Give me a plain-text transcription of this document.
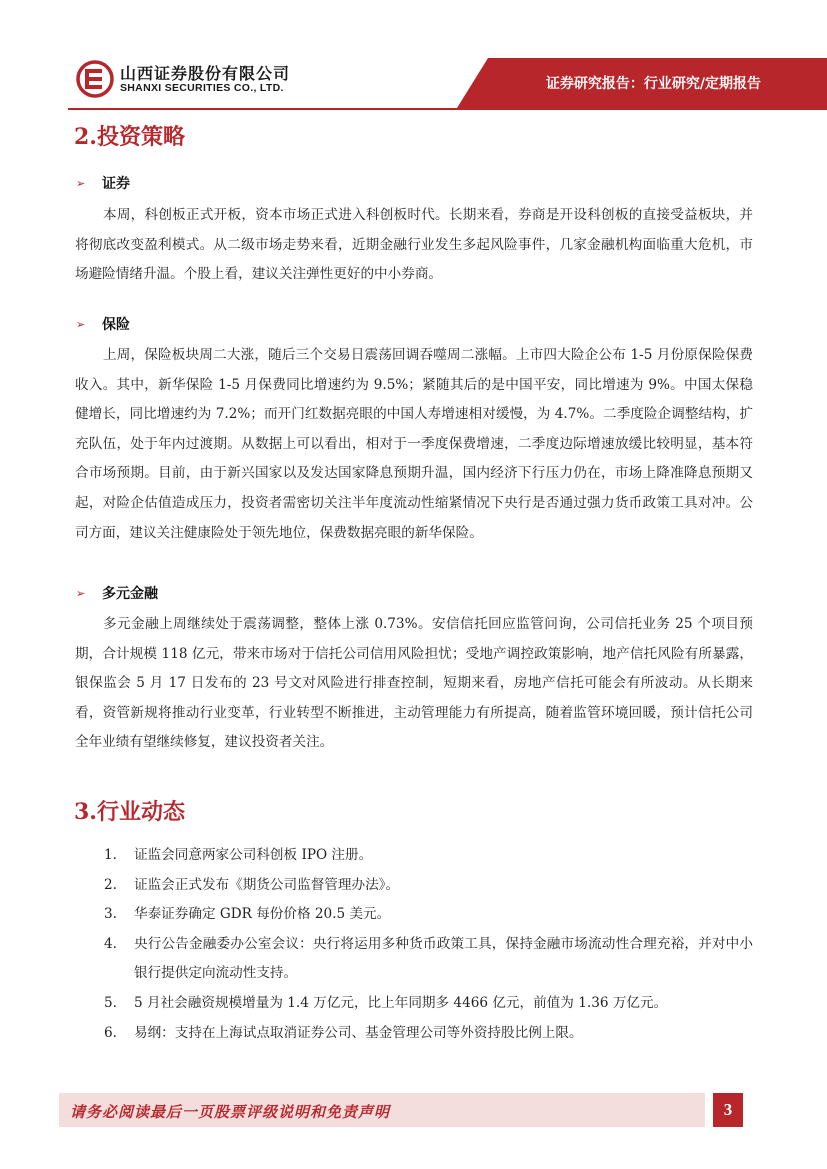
山西证券股份有限公司
SHANXI SECURITIES CO., LTD.	证券研究报告：行业研究/定期报告
2.投资策略
➢	证券

本周，科创板正式开板，资本市场正式进入科创板时代。长期来看，券商是开设科创板的直接受益板块，并将彻底改变盈利模式。从二级市场走势来看，近期金融行业发生多起风险事件，几家金融机构面临重大危机，市场避险情绪升温。个股上看，建议关注弹性更好的中小券商。

➢	保险

上周，保险板块周二大涨，随后三个交易日震荡回调吞噬周二涨幅。上市四大险企公布 1-5 月份原保险保费收入。其中，新华保险 1-5 月保费同比增速约为 9.5%；紧随其后的是中国平安，同比增速为 9%。中国太保稳健增长，同比增速约为 7.2%；而开门红数据亮眼的中国人寿增速相对缓慢，为 4.7%。二季度险企调整结构，扩充队伍，处于年内过渡期。从数据上可以看出，相对于一季度保费增速，二季度边际增速放缓比较明显，基本符合市场预期。目前，由于新兴国家以及发达国家降息预期升温，国内经济下行压力仍在，市场上降准降息预期又起，对险企估值造成压力，投资者需密切关注半年度流动性缩紧情况下央行是否通过强力货币政策工具对冲。公司方面，建议关注健康险处于领先地位，保费数据亮眼的新华保险。

➢	多元金融

多元金融上周继续处于震荡调整，整体上涨 0.73%。安信信托回应监管问询，公司信托业务 25 个项目预期，合计规模 118 亿元，带来市场对于信托公司信用风险担忧；受地产调控政策影响，地产信托风险有所暴露，银保监会 5 月 17 日发布的 23 号文对风险进行排查控制，短期来看，房地产信托可能会有所波动。从长期来看，资管新规将推动行业变革，行业转型不断推进，主动管理能力有所提高，随着监管环境回暖，预计信托公司全年业绩有望继续修复，建议投资者关注。

3.行业动态
1. 证监会同意两家公司科创板 IPO 注册。
2. 证监会正式发布《期货公司监督管理办法》。
3. 华泰证券确定 GDR 每份价格 20.5 美元。
4. 央行公告金融委办公室会议：央行将运用多种货币政策工具，保持金融市场流动性合理充裕，并对中小银行提供定向流动性支持。
5. 5 月社会融资规模增量为 1.4 万亿元，比上年同期多 4466 亿元，前值为 1.36 万亿元。
6. 易纲：支持在上海试点取消证券公司、基金管理公司等外资持股比例上限。
请务必阅读最后一页股票评级说明和免责声明	3
